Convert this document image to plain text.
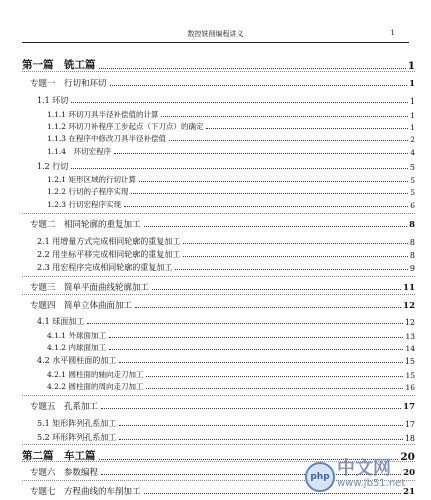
数控铣削编程讲义	1
第一篇　铣工篇	1
专题一　行切和环切	1
1.1 环切	1
1.1.1 环切刀具半径补偿值的计算	1
1.1.2 环切刀补程序工步起点（下刀点）的确定	1
1.1.3 在程序中修改刀具半径补偿值	2
1.1.4　环切宏程序	4
1.2 行切	5
1.2.1 矩形区域的行切计算	5
1.2.2 行切的子程序实现	5
1.2.3 行切宏程序实现	6
专题二　相同轮廓的重复加工	8
2.1 用增量方式完成相同轮廓的重复加工	8
2.2 用坐标平移完成相同轮廓的重复加工	8
2.3 用宏程序完成相同轮廓的重复加工	9
专题三　简单平面曲线轮廓加工	11
专题四　简单立体曲面加工	12
4.1 球面加工	12
4.1.1 外球面加工	13
4.1.2 内球面加工	14
4.2 水平圆柱面的加工	15
4.2.1 圆柱面的轴向走刀加工	15
4.2.2 圆柱面的周向走刀加工	16
专题五　孔系加工	17
5.1 矩形阵列孔系加工	17
5.2 环形阵列孔系加工	18
第二篇　车工篇	20
专题六　参数编程	20
专题七　方程曲线的车削加工	21
php 中文网
www.jb51.net
